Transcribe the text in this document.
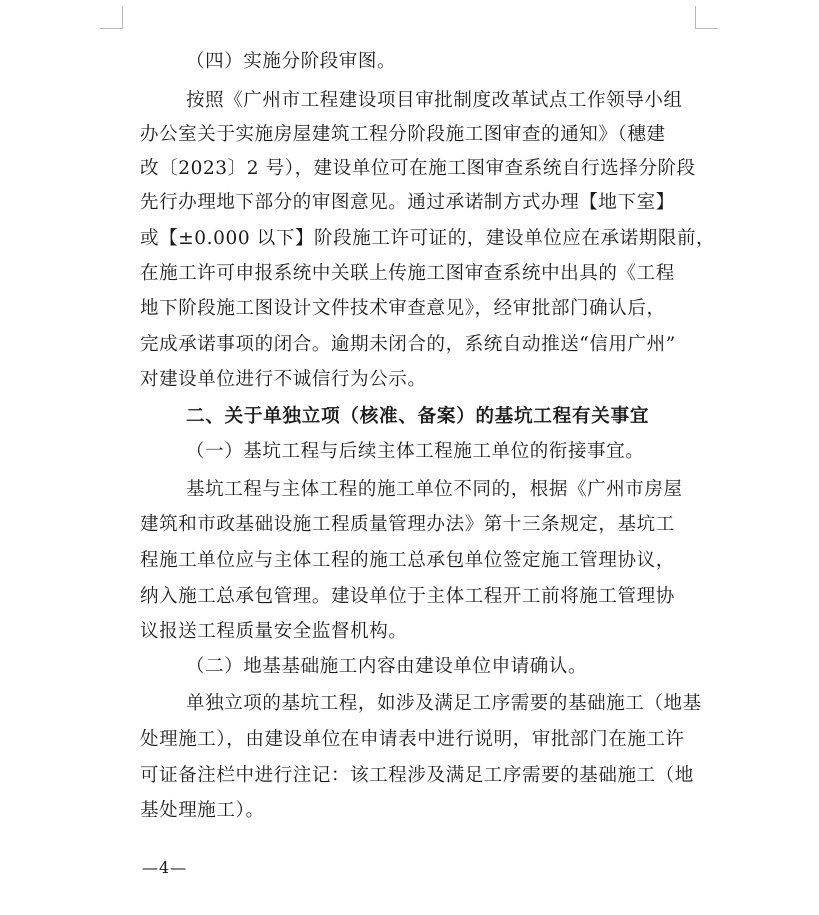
（四）实施分阶段审图。
按照《广州市工程建设项目审批制度改革试点工作领导小组
办公室关于实施房屋建筑工程分阶段施工图审查的通知》（穗建
改〔2023〕2 号），建设单位可在施工图审查系统自行选择分阶段
先行办理地下部分的审图意见。通过承诺制方式办理【地下室】
或【±0.000 以下】阶段施工许可证的，建设单位应在承诺期限前，
在施工许可申报系统中关联上传施工图审查系统中出具的《工程
地下阶段施工图设计文件技术审查意见》，经审批部门确认后，
完成承诺事项的闭合。逾期未闭合的，系统自动推送“信用广州”
对建设单位进行不诚信行为公示。
二、关于单独立项（核准、备案）的基坑工程有关事宜
（一）基坑工程与后续主体工程施工单位的衔接事宜。
基坑工程与主体工程的施工单位不同的，根据《广州市房屋
建筑和市政基础设施工程质量管理办法》第十三条规定，基坑工
程施工单位应与主体工程的施工总承包单位签定施工管理协议，
纳入施工总承包管理。建设单位于主体工程开工前将施工管理协
议报送工程质量安全监督机构。
（二）地基基础施工内容由建设单位申请确认。
单独立项的基坑工程，如涉及满足工序需要的基础施工（地基
处理施工），由建设单位在申请表中进行说明，审批部门在施工许
可证备注栏中进行注记：该工程涉及满足工序需要的基础施工（地
基处理施工）。
—4—
